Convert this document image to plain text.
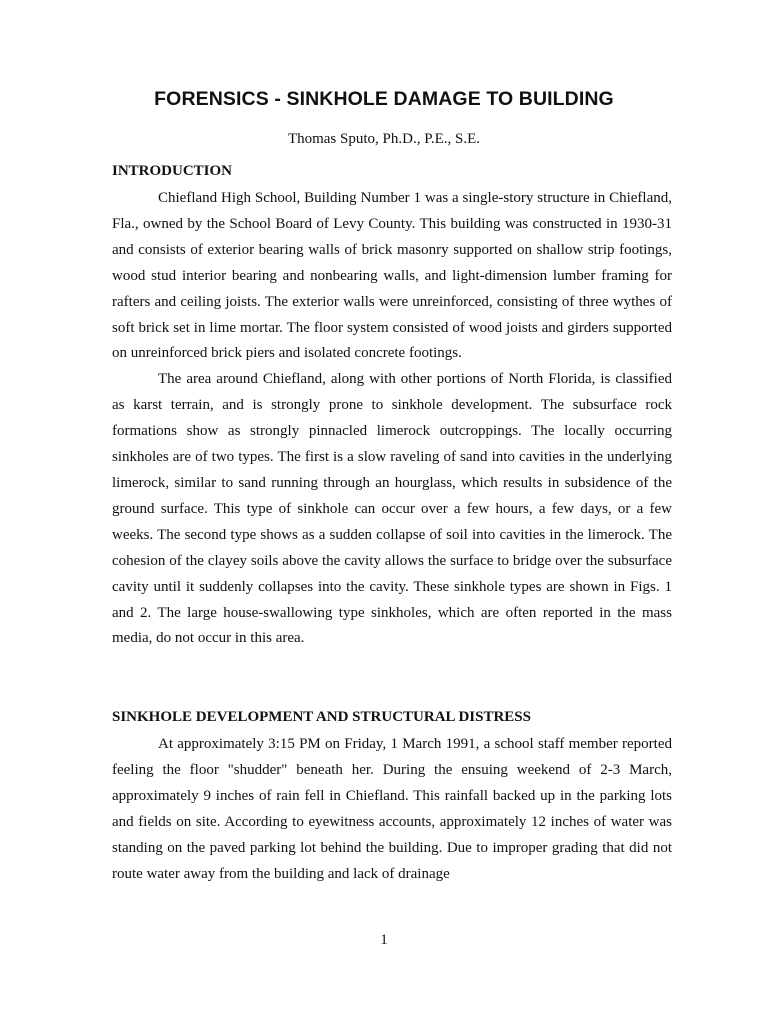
FORENSICS - SINKHOLE DAMAGE TO BUILDING
Thomas Sputo, Ph.D., P.E., S.E.
INTRODUCTION

Chiefland High School, Building Number 1 was a single-story structure in Chiefland, Fla., owned by the School Board of Levy County. This building was constructed in 1930-31 and consists of exterior bearing walls of brick masonry supported on shallow strip footings, wood stud interior bearing and nonbearing walls, and light-dimension lumber framing for rafters and ceiling joists. The exterior walls were unreinforced, consisting of three wythes of soft brick set in lime mortar. The floor system consisted of wood joists and girders supported on unreinforced brick piers and isolated concrete footings.

The area around Chiefland, along with other portions of North Florida, is classified as karst terrain, and is strongly prone to sinkhole development. The subsurface rock formations show as strongly pinnacled limerock outcroppings. The locally occurring sinkholes are of two types. The first is a slow raveling of sand into cavities in the underlying limerock, similar to sand running through an hourglass, which results in subsidence of the ground surface. This type of sinkhole can occur over a few hours, a few days, or a few weeks. The second type shows as a sudden collapse of soil into cavities in the limerock. The cohesion of the clayey soils above the cavity allows the surface to bridge over the subsurface cavity until it suddenly collapses into the cavity. These sinkhole types are shown in Figs. 1 and 2. The large house-swallowing type sinkholes, which are often reported in the mass media, do not occur in this area.

SINKHOLE DEVELOPMENT AND STRUCTURAL DISTRESS

At approximately 3:15 PM on Friday, 1 March 1991, a school staff member reported feeling the floor "shudder" beneath her. During the ensuing weekend of 2-3 March, approximately 9 inches of rain fell in Chiefland. This rainfall backed up in the parking lots and fields on site. According to eyewitness accounts, approximately 12 inches of water was standing on the paved parking lot behind the building. Due to improper grading that did not route water away from the building and lack of drainage

1
